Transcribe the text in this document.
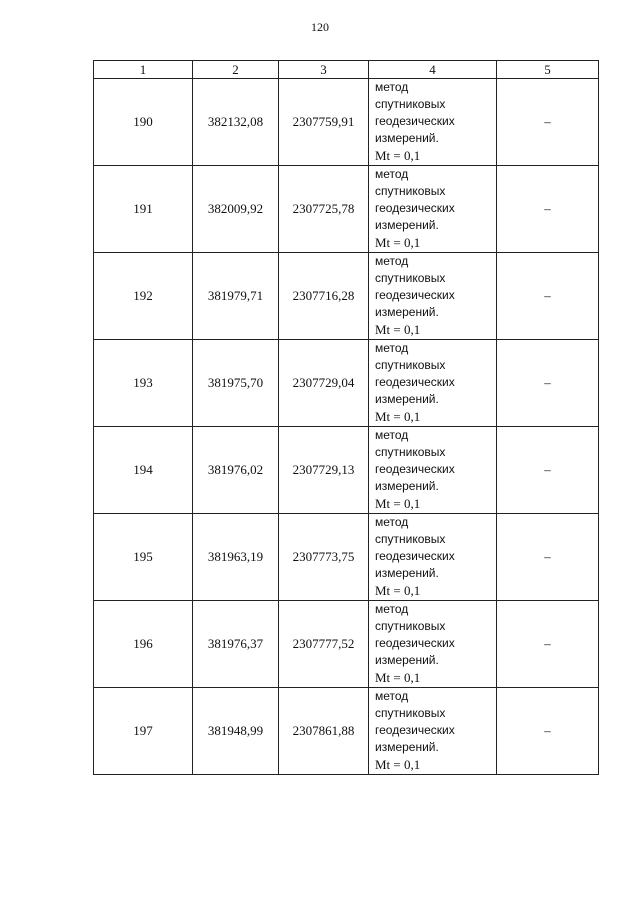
120
1	2	3	4	5
190	382132,08	2307759,91	метод
спутниковых
геодезических
измерений.
Mt = 0,1	–
191	382009,92	2307725,78	метод
спутниковых
геодезических
измерений.
Mt = 0,1	–
192	381979,71	2307716,28	метод
спутниковых
геодезических
измерений.
Mt = 0,1	–
193	381975,70	2307729,04	метод
спутниковых
геодезических
измерений.
Mt = 0,1	–
194	381976,02	2307729,13	метод
спутниковых
геодезических
измерений.
Mt = 0,1	–
195	381963,19	2307773,75	метод
спутниковых
геодезических
измерений.
Mt = 0,1	–
196	381976,37	2307777,52	метод
спутниковых
геодезических
измерений.
Mt = 0,1	–
197	381948,99	2307861,88	метод
спутниковых
геодезических
измерений.
Mt = 0,1	–
